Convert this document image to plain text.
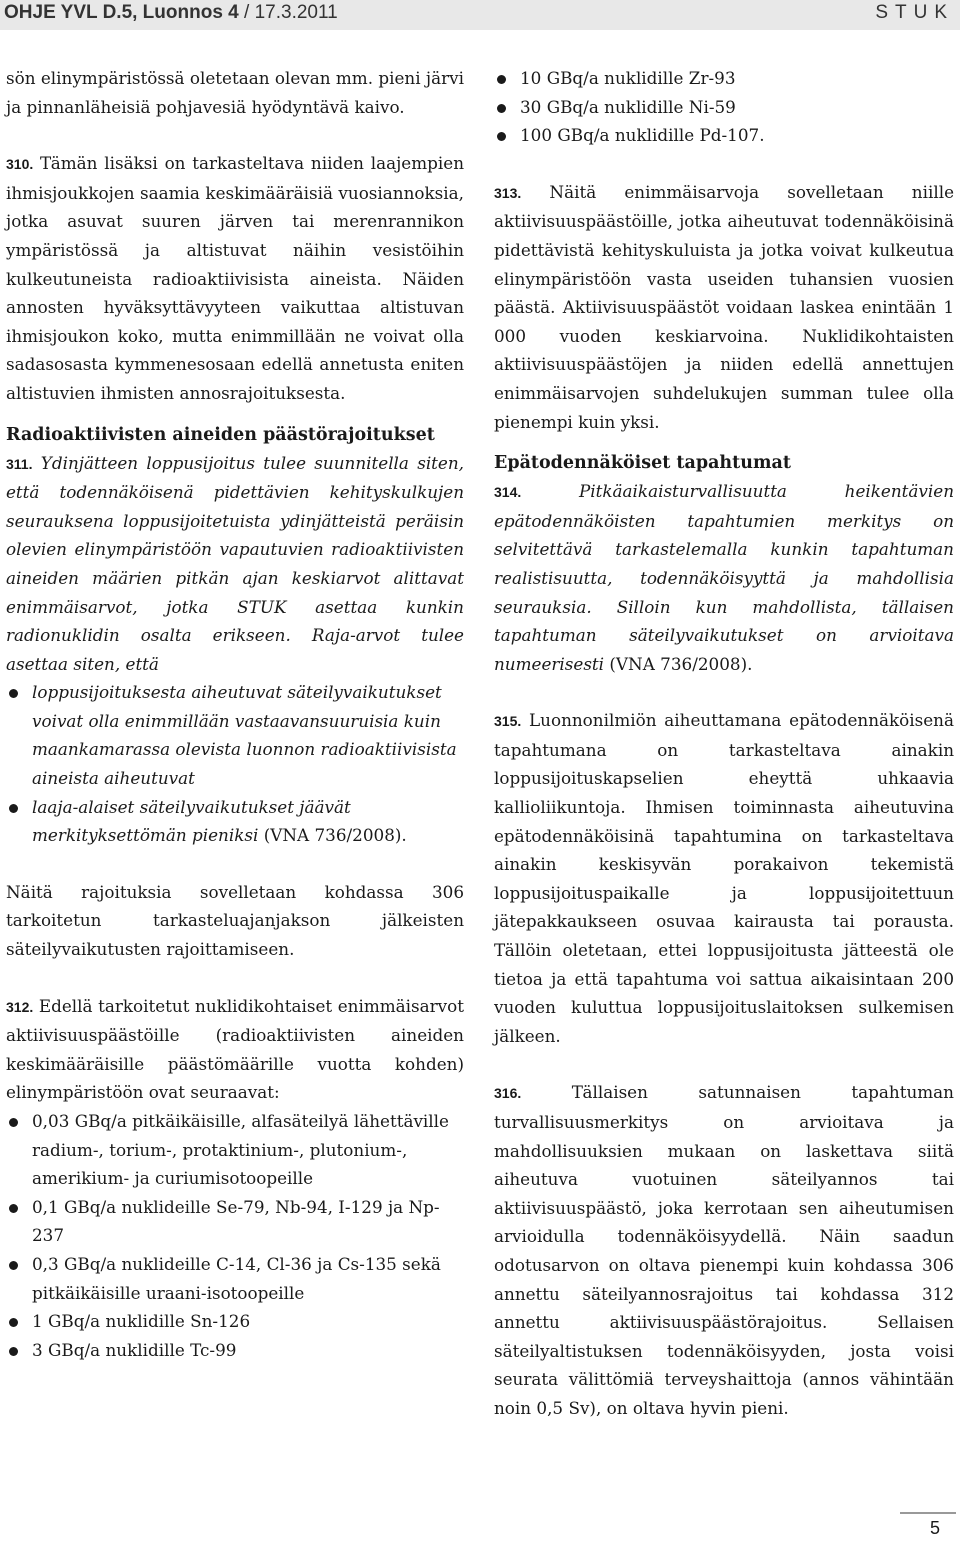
OHJE YVL D.5, Luonnos 4 / 17.3.2011	STUK

sön elinympäristössä oletetaan olevan mm. pieni järvi ja pinnanläheisiä pohjavesiä hyödyntävä kaivo.

310. Tämän lisäksi on tarkasteltava niiden laajempien ihmisjoukkojen saamia keskimääräisiä vuosiannoksia, jotka asuvat suuren järven tai merenrannikon ympäristössä ja altistuvat näihin vesistöihin kulkeutuneista radioaktiivisista aineista. Näiden annosten hyväksyttävyyteen vaikuttaa altistuvan ihmisjoukon koko, mutta enimmillään ne voivat olla sadasosasta kymmenesosaan edellä annetusta eniten altistuvien ihmisten annosrajoituksesta.

Radioaktiivisten aineiden päästörajoitukset

311. Ydinjätteen loppusijoitus tulee suunnitella siten, että todennäköisenä pidettävien kehityskulkujen seurauksena loppusijoitetuista ydinjätteistä peräisin olevien elinympäristöön vapautuvien radioaktiivisten aineiden määrien pitkän ajan keskiarvot alittavat enimmäisarvot, jotka STUK asettaa kunkin radionuklidin osalta erikseen. Raja-arvot tulee asettaa siten, että

loppusijoituksesta aiheutuvat säteilyvaikutukset voivat olla enimmillään vastaavansuuruisia kuin maankamarassa olevista luonnon radioaktiivisista aineista aiheutuvat
laaja-alaiset säteilyvaikutukset jäävät merkityksettömän pieniksi (VNA 736/2008).

Näitä rajoituksia sovelletaan kohdassa 306 tarkoitetun tarkasteluajanjakson jälkeisten säteilyvaikutusten rajoittamiseen.

312. Edellä tarkoitetut nuklidikohtaiset enimmäisarvot aktiivisuuspäästöille (radioaktiivisten aineiden keskimääräisille päästömäärille vuotta kohden) elinympäristöön ovat seuraavat:

0,03 GBq/a pitkäikäisille, alfasäteilyä lähettäville radium-, torium-, protaktinium-, plutonium-, amerikium- ja curiumisotoopeille
0,1 GBq/a nuklideille Se-79, Nb-94, I-129 ja Np-237
0,3 GBq/a nuklideille C-14, Cl-36 ja Cs-135 sekä pitkäikäisille uraani-isotoopeille
1 GBq/a nuklidille Sn-126
3 GBq/a nuklidille Tc-99
10 GBq/a nuklidille Zr-93
30 GBq/a nuklidille Ni-59
100 GBq/a nuklidille Pd-107.

313. Näitä enimmäisarvoja sovelletaan niille aktiivisuuspäästöille, jotka aiheutuvat todennäköisinä pidettävistä kehityskuluista ja jotka voivat kulkeutua elinympäristöön vasta useiden tuhansien vuosien päästä. Aktiivisuuspäästöt voidaan laskea enintään 1 000 vuoden keskiarvoina. Nuklidikohtaisten aktiivisuuspäästöjen ja niiden edellä annettujen enimmäisarvojen suhdelukujen summan tulee olla pienempi kuin yksi.

Epätodennäköiset tapahtumat

314. Pitkäaikaisturvallisuutta heikentävien epätodennäköisten tapahtumien merkitys on selvitettävä tarkastelemalla kunkin tapahtuman realistisuutta, todennäköisyyttä ja mahdollisia seurauksia. Silloin kun mahdollista, tällaisen tapahtuman säteilyvaikutukset on arvioitava numeerisesti (VNA 736/2008).

315. Luonnonilmiön aiheuttamana epätodennäköisenä tapahtumana on tarkasteltava ainakin loppusijoituskapselien eheyttä uhkaavia kallioliikuntoja. Ihmisen toiminnasta aiheutuvina epätodennäköisinä tapahtumina on tarkasteltava ainakin keskisyvän porakaivon tekemistä loppusijoituspaikalle ja loppusijoitettuun jätepakkaukseen osuvaa kairausta tai porausta. Tällöin oletetaan, ettei loppusijoitusta jätteestä ole tietoa ja että tapahtuma voi sattua aikaisintaan 200 vuoden kuluttua loppusijoituslaitoksen sulkemisen jälkeen.

316. Tällaisen satunnaisen tapahtuman turvallisuusmerkitys on arvioitava ja mahdollisuuksien mukaan on laskettava siitä aiheutuva vuotuinen säteilyannos tai aktiivisuuspäästö, joka kerrotaan sen aiheutumisen arvioidulla todennäköisyydellä. Näin saadun odotusarvon on oltava pienempi kuin kohdassa 306 annettu säteilyannosrajoitus tai kohdassa 312 annettu aktiivisuuspäästörajoitus. Sellaisen säteilyaltistuksen todennäköisyyden, josta voisi seurata välittömiä terveyshaittoja (annos vähintään noin 0,5 Sv), on oltava hyvin pieni.

5
